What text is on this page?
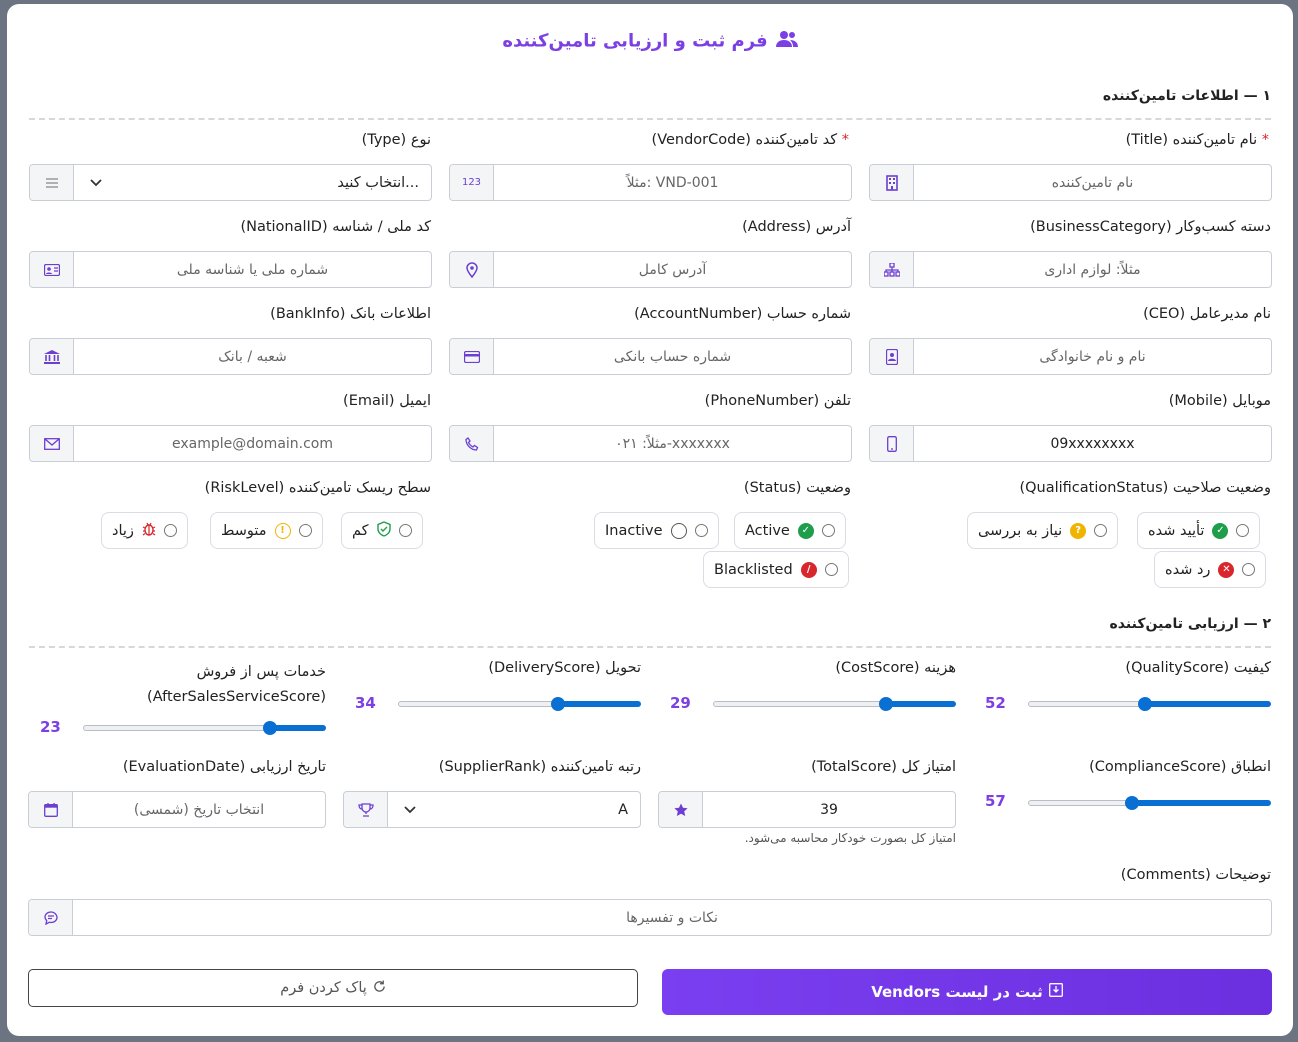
فرم ثبت و ارزیابی تامین‌کننده
۱ — اطلاعات تامین‌کننده
* نام تامین‌کننده (Title)
* کد تامین‌کننده (VendorCode)
نوع (Type)
نام تامین‌کننده
123	مثلاً: VND-001
انتخاب کنید...
دسته کسب‌وکار (BusinessCategory)
آدرس (Address)
کد ملی / شناسه (NationalID)
مثلاً: لوازم اداری
آدرس کامل
شماره ملی یا شناسه ملی
نام مدیرعامل (CEO)
شماره حساب (AccountNumber)
اطلاعات بانک (BankInfo)
نام و نام خانوادگی
شماره حساب بانکی
شعبه / بانک
موبایل (Mobile)
تلفن (PhoneNumber)
ایمیل (Email)
09xxxxxxxx
مثلاً: ۰۲۱-xxxxxxx
example@domain.com
وضعیت صلاحیت (QualificationStatus)
وضعیت (Status)
سطح ریسک تامین‌کننده (RiskLevel)
✓
تأیید شده
?
نیاز به بررسی
✕
رد شده
✓
Active
Inactive
/
Blacklisted
کم
!
متوسط
زیاد
۲ — ارزیابی تامین‌کننده
کیفیت (QualityScore)
هزینه (CostScore)
تحویل (DeliveryScore)
خدمات پس از فروش (AfterSalesServiceScore)	52
29
34
23
انطباق (ComplianceScore)
امتیاز کل (TotalScore)
رتبه تامین‌کننده (SupplierRank)
تاریخ ارزیابی (EvaluationDate)
57
39
امتیاز کل بصورت خودکار محاسبه می‌شود.
A
انتخاب تاریخ (شمسی)
توضیحات (Comments)
نکات و تفسیرها
ثبت در لیست Vendors
پاک کردن فرم
